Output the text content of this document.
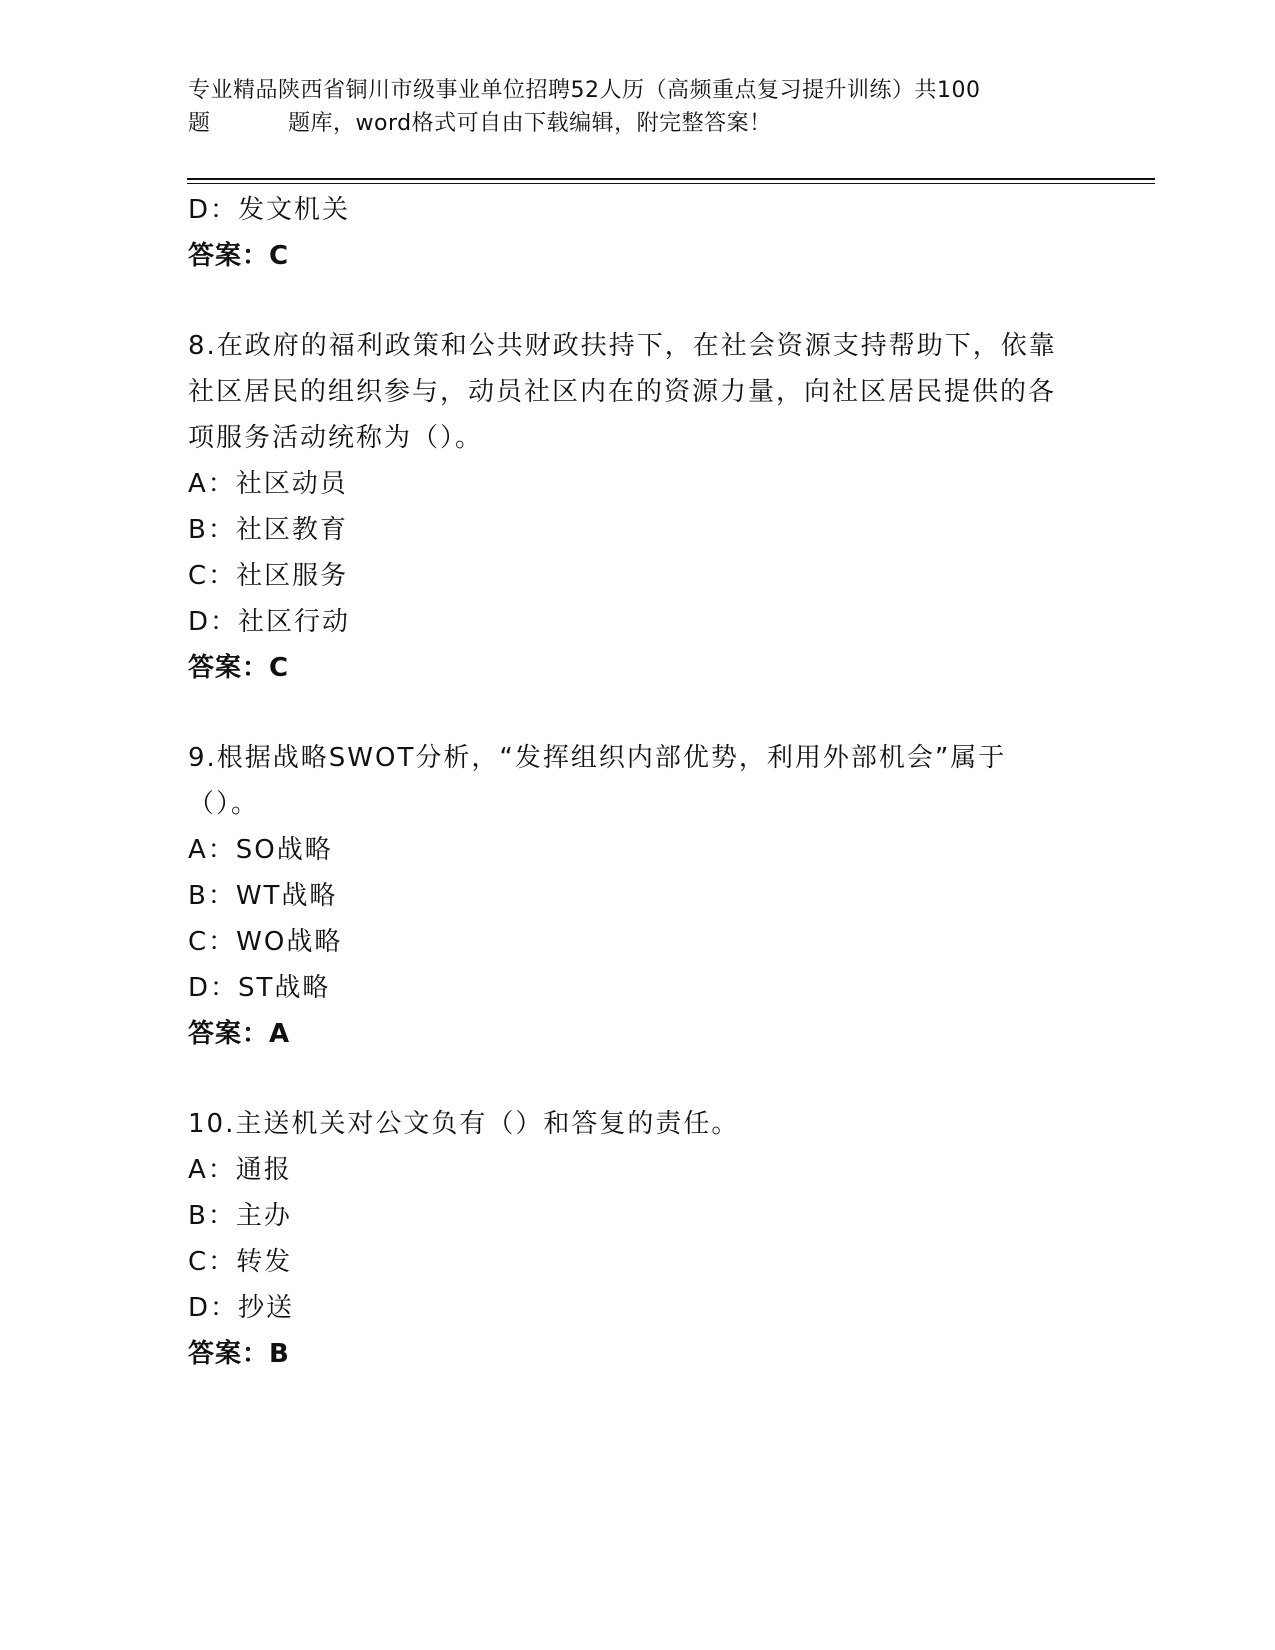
专业精品陕西省铜川市级事业单位招聘52人历（高频重点复习提升训练）共100
题	题库，word格式可自由下载编辑，附完整答案！
D：发文机关
答案：C
8.在政府的福利政策和公共财政扶持下，在社会资源支持帮助下，依靠社区居民的组织参与，动员社区内在的资源力量，向社区居民提供的各项服务活动统称为（）。
A：社区动员
B：社区教育
C：社区服务
D：社区行动
答案：C
9.根据战略SWOT分析，“发挥组织内部优势，利用外部机会”属于（）。
A：SO战略
B：WT战略
C：WO战略
D：ST战略
答案：A
10.主送机关对公文负有（）和答复的责任。
A：通报
B：主办
C：转发
D：抄送
答案：B
